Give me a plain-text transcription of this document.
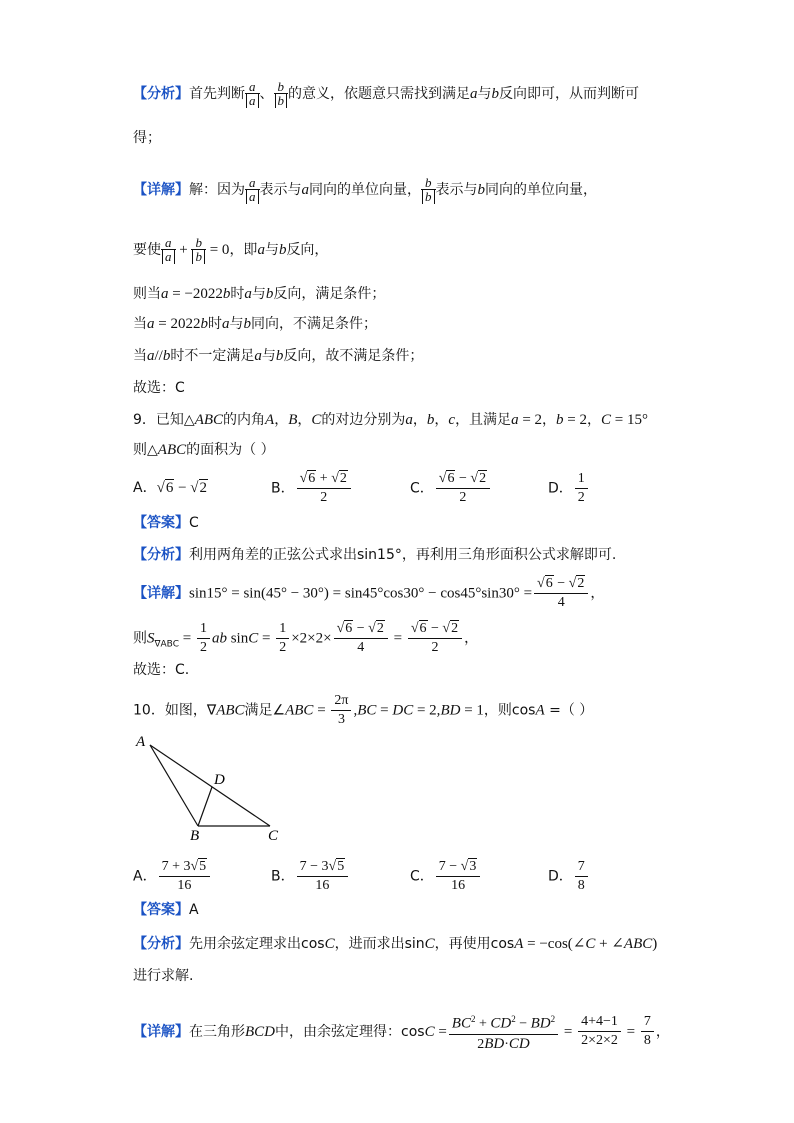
【分析】首先判断 $\frac{a}{a}$ 、 $\frac{b}{b}$ 的意义，依题意只需找到满足a与b反向即可，从而判断可
得；
【详解】解：因为 $\frac{a}{a}$ 表示与a同向的单位向量， $\frac{b}{b}$ 表示与b同向的单位向量，
要使 $\frac{a}{a} + \frac{b}{b} = 0$，即a与b反向，
则当a = −2022b时a与b反向，满足条件；
当a = 2022b时a与b同向，不满足条件；
当a//b时不一定满足a与b反向，故不满足条件；
故选：C
9．已知△ABC的内角A，B，C的对边分别为a，b，c，且满足a = 2，b = 2，C = 15°
则△ABC的面积为（ ）
A．√6 − √2	B． $\frac{√6 + √2}{2}$	C． $\frac{√6 - √2}{2}$	D． $\frac{1}{2}$
【答案】C
【分析】利用两角差的正弦公式求出sin15°，再利用三角形面积公式求解即可.
【详解】$\sin 15^\circ = \sin(45^\circ - 30^\circ) = \sin 45^\circ\cos 30^\circ - \cos 45^\circ\sin 30^\circ = \frac{√6 - √2}{4}$ ，
则$S_{\nabla ABC} = \frac{1}{2}$ ab $\sin C = \frac{1}{2} \times 2\times 2\times \frac{√6 - √2}{4} = \frac{√6 - √2}{2}$ ，
故选：C.
10．如图，∇ABC满足∠ABC = $\frac{2\pi}{3} ,BC$ = DC = 2,BD = 1，则cosA =（ ）
A
B	C
D
A． $\frac{7 + 3√5}{16}$	B． $\frac{7 - 3√5}{16}$	C． $\frac{7 - √3}{16}$	D． $\frac{7}{8}$
【答案】A
【分析】先用余弦定理求出cosC，进而求出sinC，再使用cosA = −cos(∠C + ∠ABC)
进行求解.
【详解】在三角形BCD中，由余弦定理得：$\cos C = \frac{BC^2 + CD^2 - BD^2}{2BD\cdot CD} = \frac{4+4-1}{2\times 2\times 2} = \frac{7}{8}$ ，
